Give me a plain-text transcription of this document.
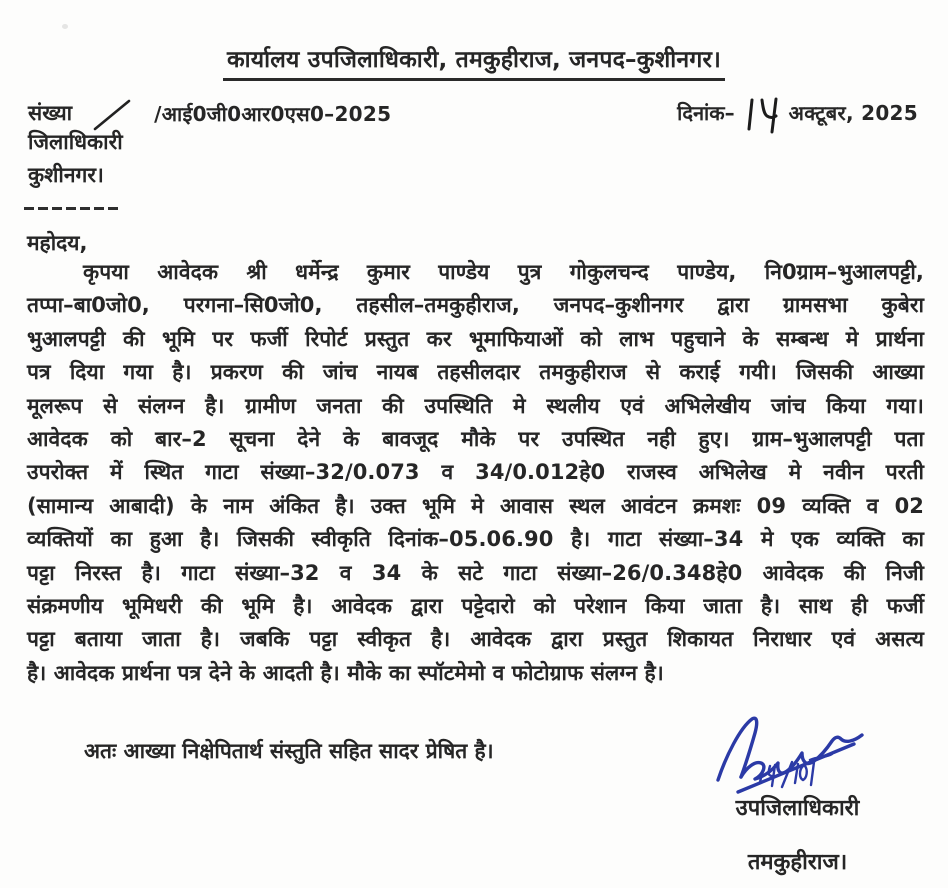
कार्यालय उपजिलाधिकारी, तमकुहीराज, जनपद–कुशीनगर।
संख्या	/आई0जी0आर0एस0–2025	दिनांक–	अक्टूबर, 2025
जिलाधिकारी
कुशीनगर।
महोदय,
कृपया आवेदक श्री धर्मेन्द्र कुमार पाण्डेय पुत्र गोकुलचन्द पाण्डेय, नि0ग्राम–भुआलपट्टी,
तप्पा–बा0जो0, परगना–सि0जो0, तहसील–तमकुहीराज, जनपद–कुशीनगर द्वारा ग्रामसभा कुबेरा
भुआलपट्टी की भूमि पर फर्जी रिपोर्ट प्रस्तुत कर भूमाफियाओं को लाभ पहुचाने के सम्बन्ध मे प्रार्थना
पत्र दिया गया है। प्रकरण की जांच नायब तहसीलदार तमकुहीराज से कराई गयी। जिसकी आख्या
मूलरूप से संलग्न है। ग्रामीण जनता की उपस्थिति मे स्थलीय एवं अभिलेखीय जांच किया गया।
आवेदक को बार–2 सूचना देने के बावजूद मौके पर उपस्थित नही हुए। ग्राम–भुआलपट्टी पता
उपरोक्त में स्थित गाटा संख्या–32/0.073 व 34/0.012हे0 राजस्व अभिलेख मे नवीन परती
(सामान्य आबादी) के नाम अंकित है। उक्त भूमि मे आवास स्थल आवंटन क्रमशः 09 व्यक्ति व 02
व्यक्तियों का हुआ है। जिसकी स्वीकृति दिनांक–05.06.90 है। गाटा संख्या–34 मे एक व्यक्ति का
पट्टा निरस्त है। गाटा संख्या–32 व 34 के सटे गाटा संख्या–26/0.348हे0 आवेदक की निजी
संक्रमणीय भूमिधरी की भूमि है। आवेदक द्वारा पट्टेदारो को परेशान किया जाता है। साथ ही फर्जी
पट्टा बताया जाता है। जबकि पट्टा स्वीकृत है। आवेदक द्वारा प्रस्तुत शिकायत निराधार एवं असत्य
है। आवेदक प्रार्थना पत्र देने के आदती है। मौके का स्पॉटमेमो व फोटोग्राफ संलग्न है।
अतः आख्या निक्षेपितार्थ संस्तुति सहित सादर प्रेषित है।
उपजिलाधिकारी
तमकुहीराज।
